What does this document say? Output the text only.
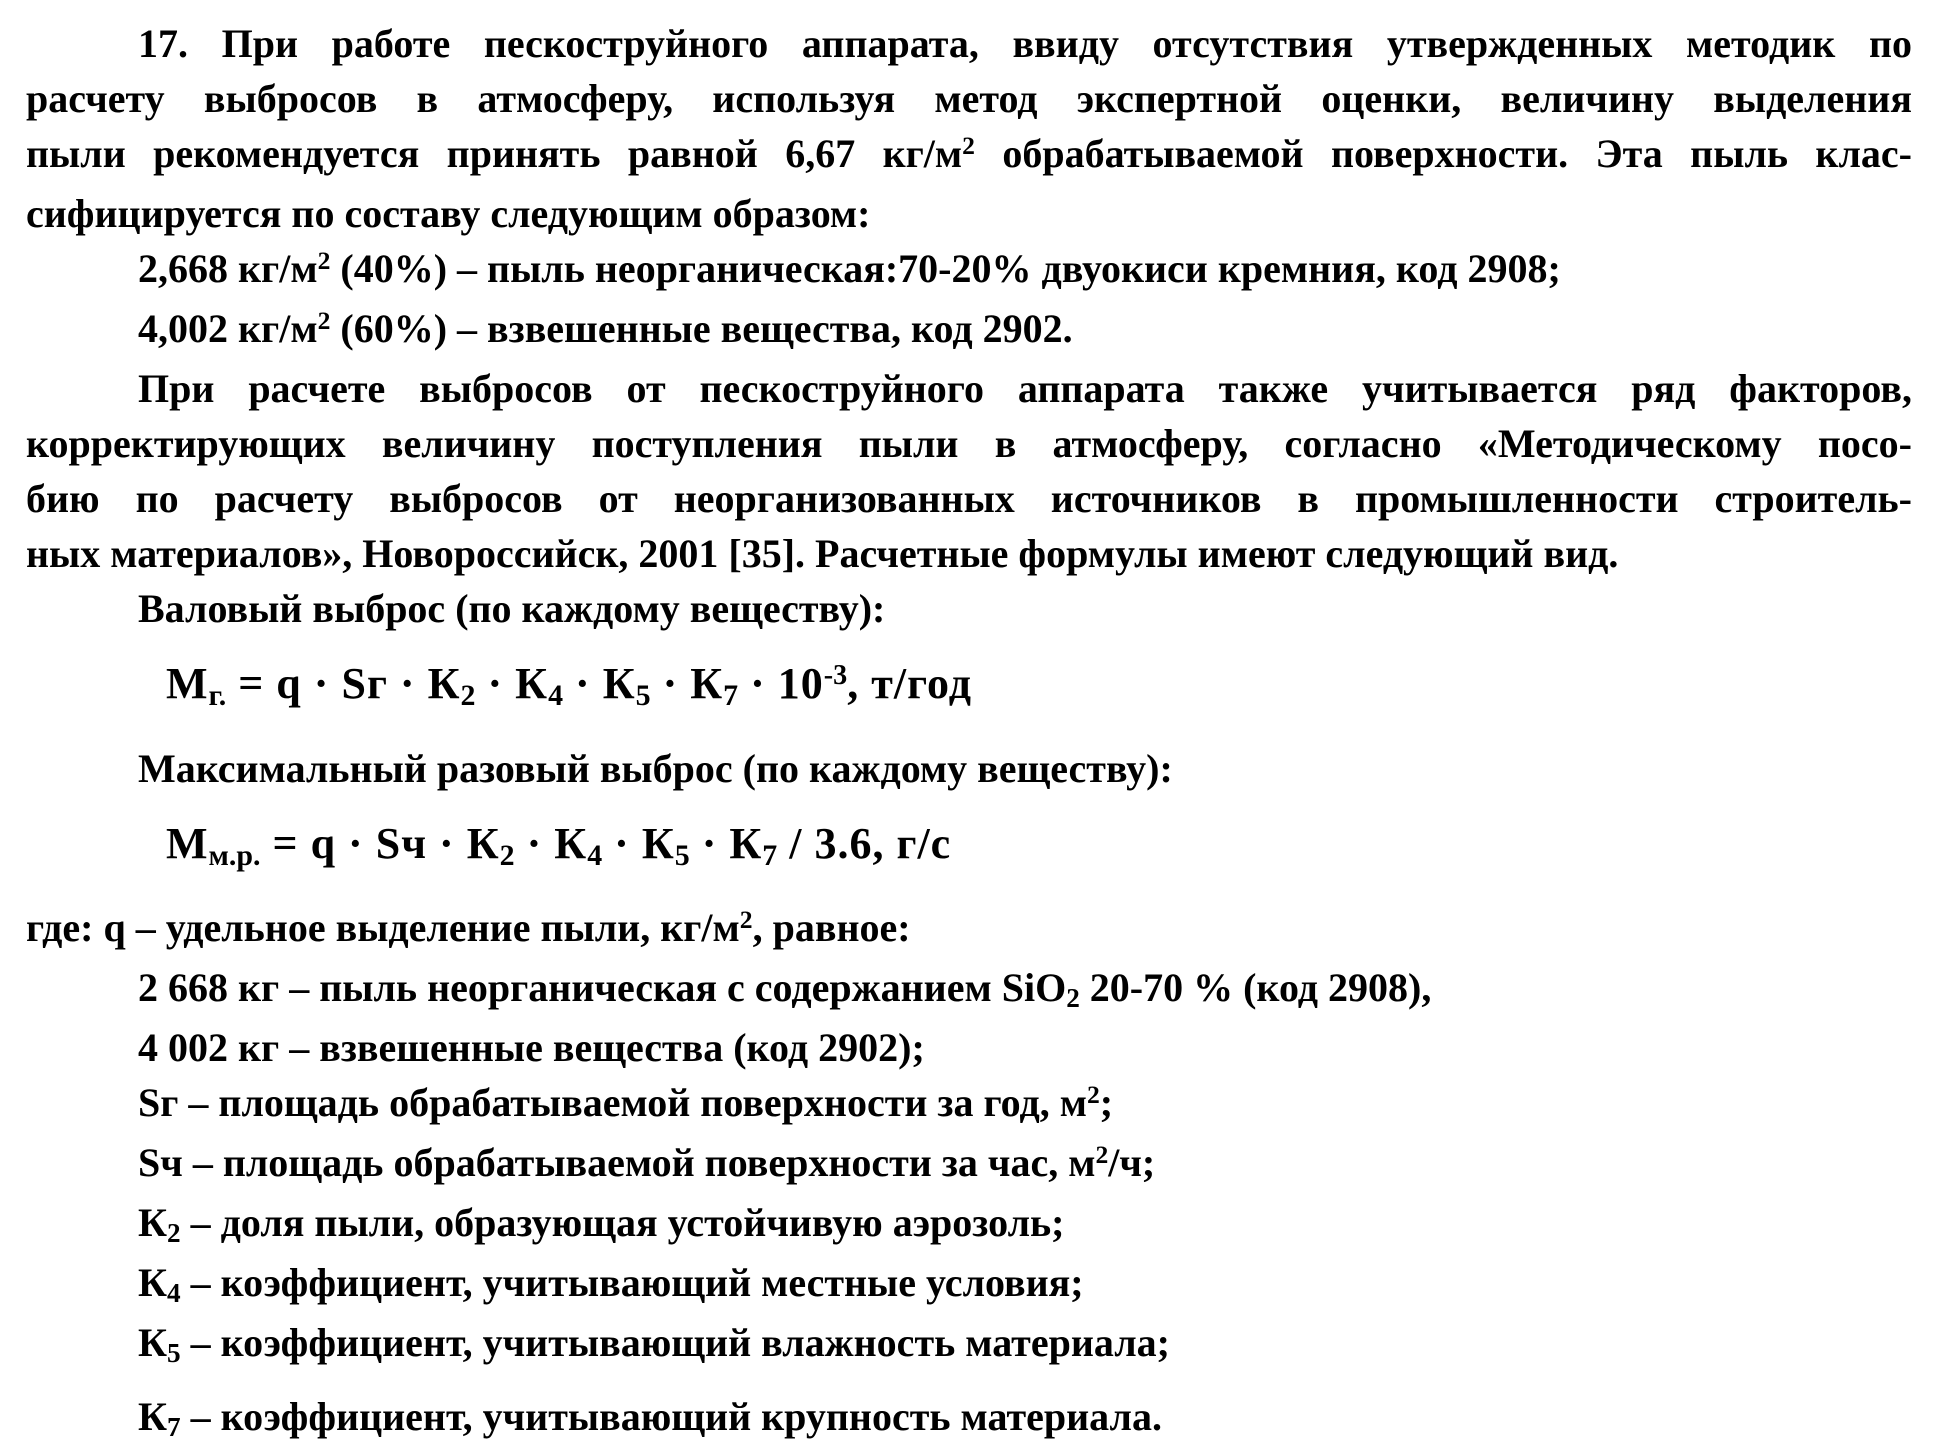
17. При работе пескоструйного аппарата, ввиду отсутствия утвержденных методик по

расчету выбросов в атмосферу, используя метод экспертной оценки, величину выделения

пыли рекомендуется принять равной 6,67 $кг/м^2$ обрабатываемой поверхности. Эта пыль клас-

сифицируется по составу следующим образом:

2,668 $кг/м^2$ (40%) – пыль неорганическая:70-20% двуокиси кремния, код 2908;

4,002 $кг/м^2$ (60%) – взвешенные вещества, код 2902.

При расчете выбросов от пескоструйного аппарата также учитывается ряд факторов,

корректирующих величину поступления пыли в атмосферу, согласно «Методическому посо-

бию по расчету выбросов от неорганизованных источников в промышленности строитель-

ных материалов», Новороссийск, 2001 [35]. Расчетные формулы имеют следующий вид.

Валовый выброс (по каждому веществу):

Мг. = q · Sг · $К2 \cdot К4 \cdot К5 \cdot К7 \cdot 10^{-3}$, т/год

Максимальный разовый выброс (по каждому веществу):

Мм.р. = q · Sч · К2 · К4 · К5 · К7 / 3.6, г/с

где: q – удельное выделение пыли, $кг/м^2$, равное:

2 668 кг – пыль неорганическая с содержанием SiO2 20-70 % (код 2908),

4 002 кг – взвешенные вещества (код 2902);

Sг – площадь обрабатываемой поверхности за год, $м^2$;

Sч – площадь обрабатываемой поверхности за час, $м^2/ч$;

К2 – доля пыли, образующая устойчивую аэрозоль;

К4 – коэффициент, учитывающий местные условия;

К5 – коэффициент, учитывающий влажность материала;

К7 – коэффициент, учитывающий крупность материала.
